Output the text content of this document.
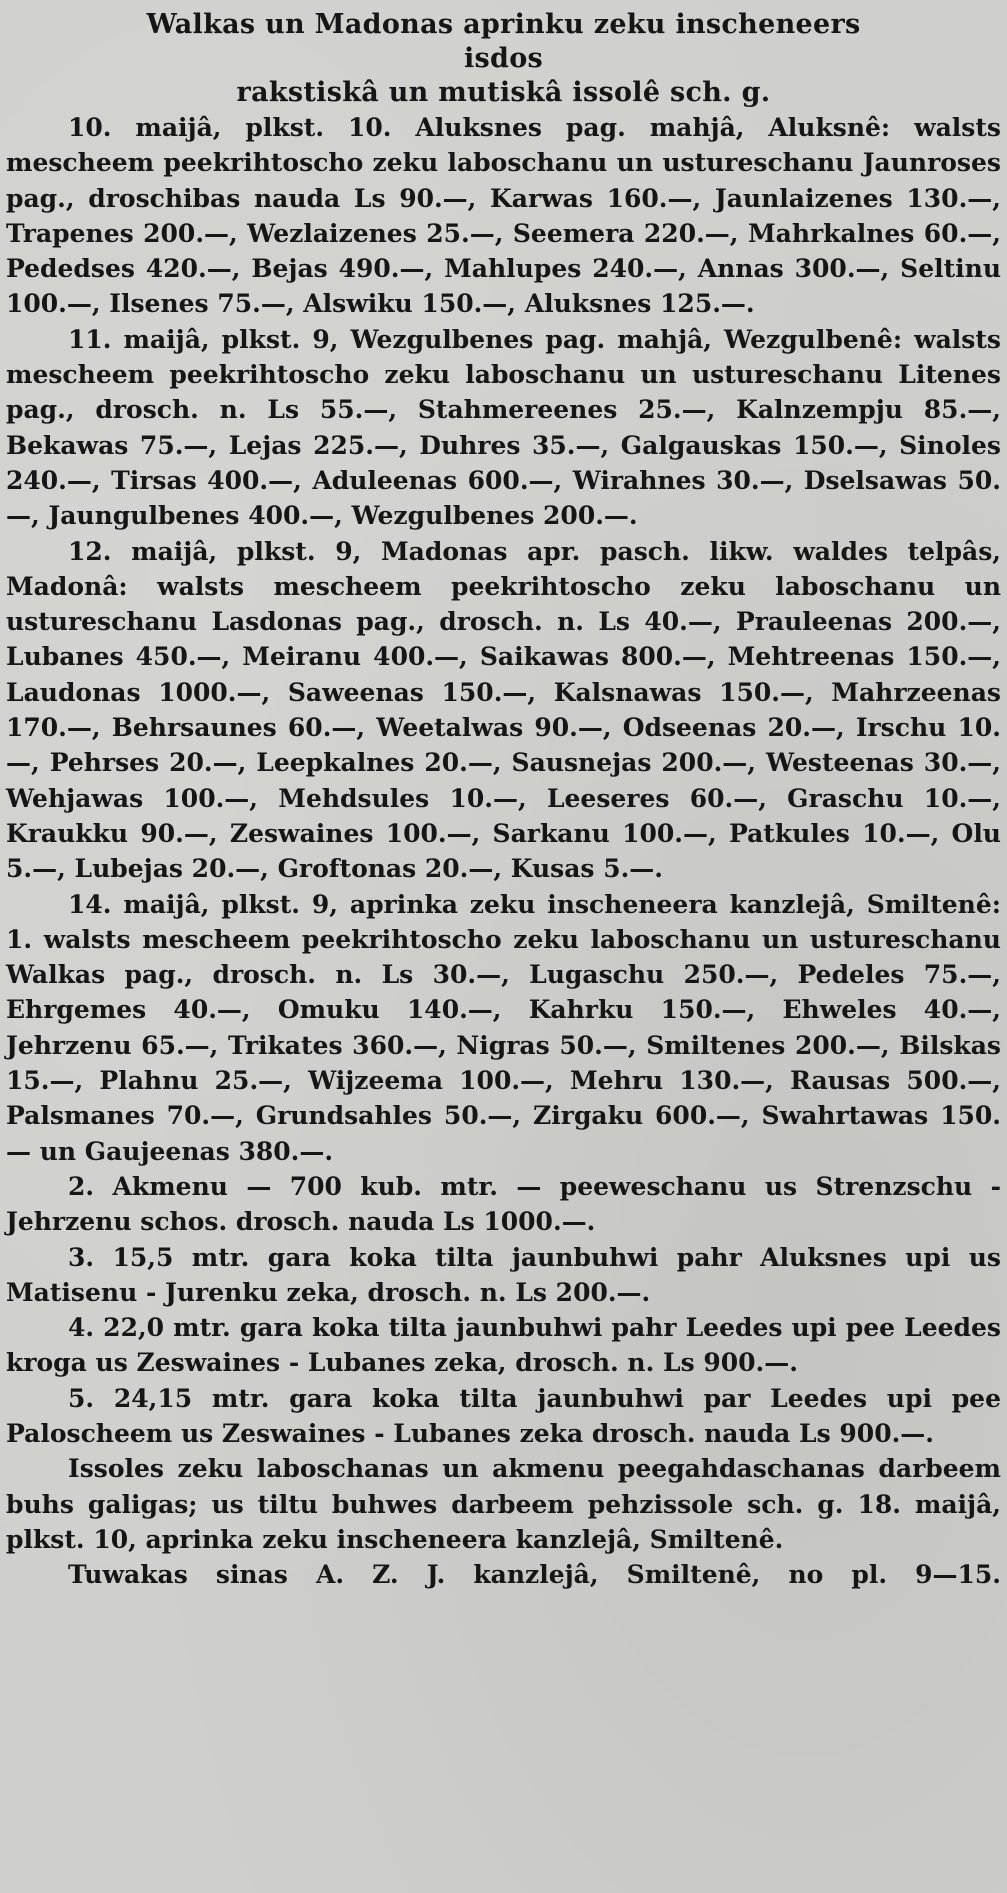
Walkas un Madonas aprinku zeku inscheneers
isdos
rakstiskâ un mutiskâ issolê sch. g.

10. maijâ, plkst. 10. Aluksnes pag. mahjâ, Aluksnê: walsts mescheem peekrihtoscho zeku laboschanu un ustureschanu Jaunroses pag., droschibas nauda Ls 90.—, Karwas 160.—, Jaunlaizenes 130.—, Trapenes 200.—, Wezlaizenes 25.—, Seemera 220.—, Mahrkalnes 60.—, Pededses 420.—, Bejas 490.—, Mahlupes 240.—, Annas 300.—, Seltinu 100.—, Ilsenes 75.—, Alswiku 150.—, Aluksnes 125.—.

11. maijâ, plkst. 9, Wezgulbenes pag. mahjâ, Wezgulbenê: walsts mescheem peekrihtoscho zeku laboschanu un ustureschanu Litenes pag., drosch. n. Ls 55.—, Stahmereenes 25.—, Kalnzempju 85.—, Bekawas 75.—, Lejas 225.—, Duhres 35.—, Galgauskas 150.—, Sinoles 240.—, Tirsas 400.—, Aduleenas 600.—, Wirahnes 30.—, Dselsawas 50.—, Jaungulbenes 400.—, Wezgulbenes 200.—.

12. maijâ, plkst. 9, Madonas apr. pasch. likw. waldes telpâs, Madonâ: walsts mescheem peekrihtoscho zeku laboschanu un ustureschanu Lasdonas pag., drosch. n. Ls 40.—, Prauleenas 200.—, Lubanes 450.—, Meiranu 400.—, Saikawas 800.—, Mehtreenas 150.—, Laudonas 1000.—, Saweenas 150.—, Kalsnawas 150.—, Mahrzeenas 170.—, Behrsaunes 60.—, Weetalwas 90.—, Odseenas 20.—, Irschu 10.—, Pehrses 20.—, Leepkalnes 20.—, Sausnejas 200.—, Westeenas 30.—, Wehjawas 100.—, Mehdsules 10.—, Leeseres 60.—, Graschu 10.—, Kraukku 90.—, Zeswaines 100.—, Sarkanu 100.—, Patkules 10.—, Olu 5.—, Lubejas 20.—, Groftonas 20.—, Kusas 5.—.

14. maijâ, plkst. 9, aprinka zeku inscheneera kanzlejâ, Smiltenê: 1. walsts mescheem peekrihtoscho zeku laboschanu un ustureschanu Walkas pag., drosch. n. Ls 30.—, Lugaschu 250.—, Pedeles 75.—, Ehrgemes 40.—, Omuku 140.—, Kahrku 150.—, Ehweles 40.—, Jehrzenu 65.—, Trikates 360.—, Nigras 50.—, Smiltenes 200.—, Bilskas 15.—, Plahnu 25.—, Wijzeema 100.—, Mehru 130.—, Rausas 500.—, Palsmanes 70.—, Grundsahles 50.—, Zirgaku 600.—, Swahrtawas 150.— un Gaujeenas 380.—.

2. Akmenu — 700 kub. mtr. — peeweschanu us Strenzschu - Jehrzenu schos. drosch. nauda Ls 1000.—.

3. 15,5 mtr. gara koka tilta jaunbuhwi pahr Aluksnes upi us Matisenu - Jurenku zeka, drosch. n. Ls 200.—.

4. 22,0 mtr. gara koka tilta jaunbuhwi pahr Leedes upi pee Leedes kroga us Zeswaines - Lubanes zeka, drosch. n. Ls 900.—.

5. 24,15 mtr. gara koka tilta jaunbuhwi par Leedes upi pee Paloscheem us Zeswaines - Lubanes zeka drosch. nauda Ls 900.—.

Issoles zeku laboschanas un akmenu peegahdaschanas darbeem buhs galigas; us tiltu buhwes darbeem pehzissole sch. g. 18. maijâ, plkst. 10, aprinka zeku inscheneera kanzlejâ, Smiltenê.

Tuwakas sinas A. Z. J. kanzlejâ, Smiltenê, no pl. 9—15.
